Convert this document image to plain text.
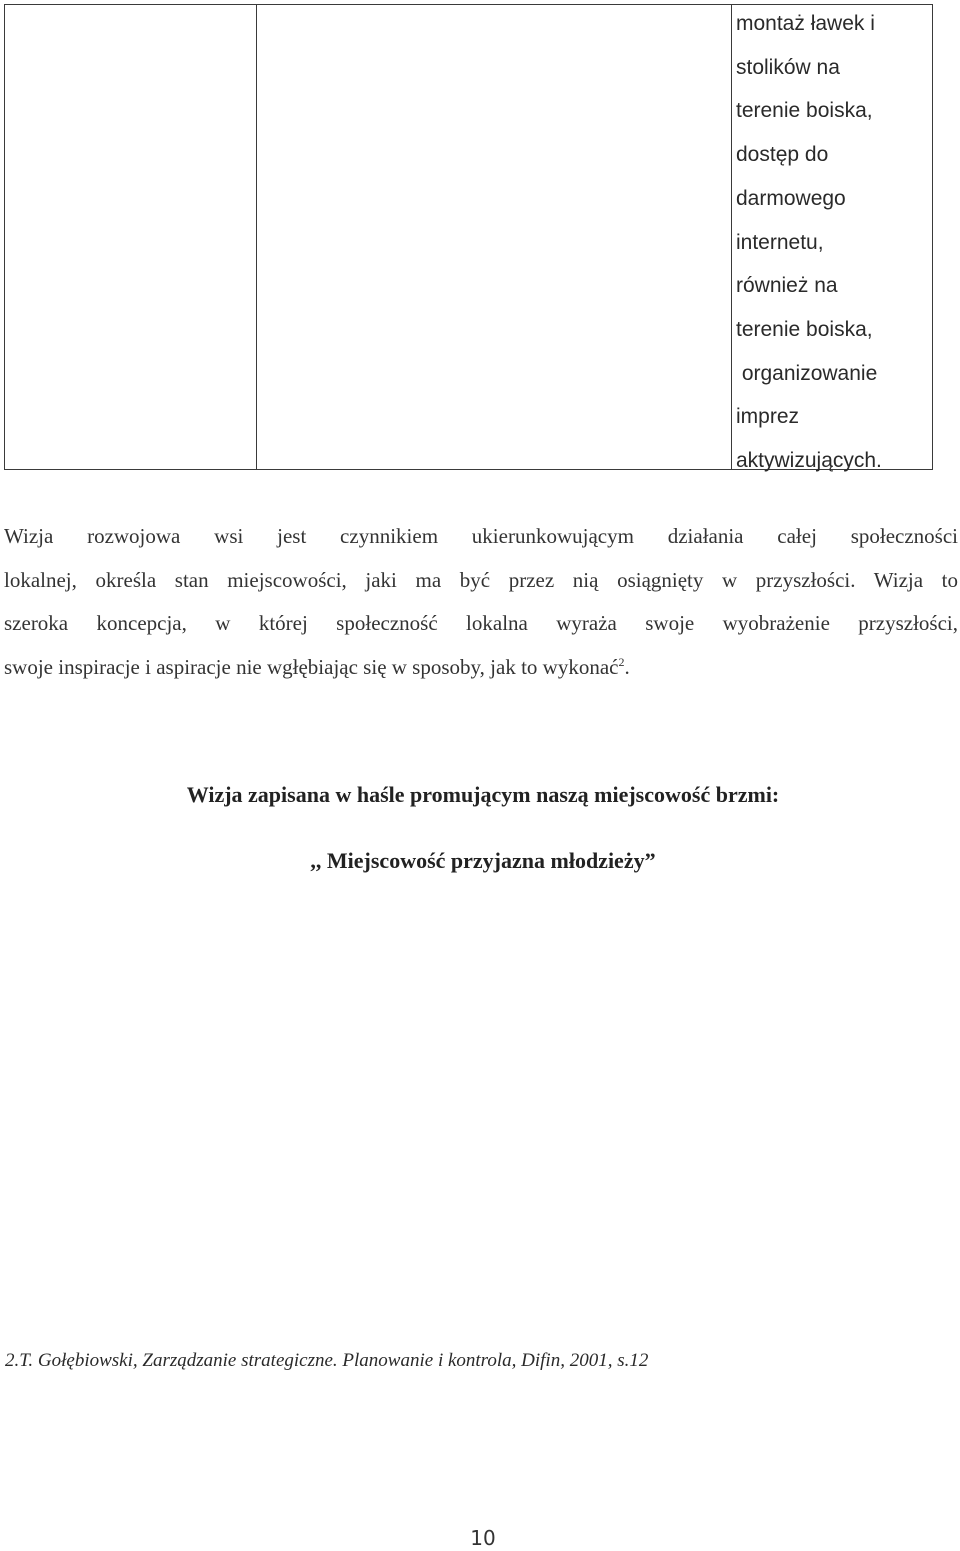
montaż ławek i
stolików na
terenie boiska,
dostęp do
darmowego
internetu,
również na
terenie boiska,
organizowanie
imprez
aktywizujących.
Wizja rozwojowa wsi jest czynnikiem ukierunkowującym działania całej społeczności
lokalnej, określa stan miejscowości, jaki ma być przez nią osiągnięty w przyszłości. Wizja to
szeroka koncepcja, w której społeczność lokalna wyraża swoje wyobrażenie przyszłości,
swoje inspiracje i aspiracje nie wgłębiając się w sposoby, jak to wykonać$^2$.
Wizja zapisana w haśle promującym naszą miejscowość brzmi:
,, Miejscowość przyjazna młodzieży”
2.T. Gołębiowski, Zarządzanie strategiczne. Planowanie i kontrola, Difin, 2001, s.12
10
